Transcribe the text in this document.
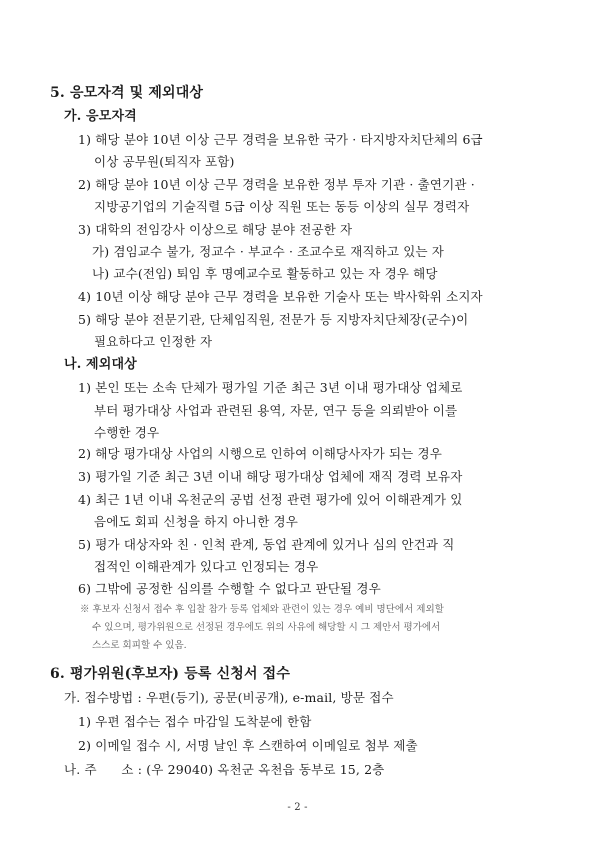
5. 응모자격 및 제외대상
가. 응모자격
1) 해당 분야 10년 이상 근무 경력을 보유한 국가 · 타지방자치단체의 6급
이상 공무원(퇴직자 포함)
2) 해당 분야 10년 이상 근무 경력을 보유한 정부 투자 기관 · 출연기관 ·
지방공기업의 기술직렬 5급 이상 직원 또는 동등 이상의 실무 경력자
3) 대학의 전임강사 이상으로 해당 분야 전공한 자
가) 겸임교수 불가, 정교수 · 부교수 · 조교수로 재직하고 있는 자
나) 교수(전임) 퇴임 후 명예교수로 활동하고 있는 자 경우 해당
4) 10년 이상 해당 분야 근무 경력을 보유한 기술사 또는 박사학위 소지자
5) 해당 분야 전문기관, 단체임직원, 전문가 등 지방자치단체장(군수)이
필요하다고 인정한 자
나. 제외대상
1) 본인 또는 소속 단체가 평가일 기준 최근 3년 이내 평가대상 업체로
부터 평가대상 사업과 관련된 용역, 자문, 연구 등을 의뢰받아 이를
수행한 경우
2) 해당 평가대상 사업의 시행으로 인하여 이해당사자가 되는 경우
3) 평가일 기준 최근 3년 이내 해당 평가대상 업체에 재직 경력 보유자
4) 최근 1년 이내 옥천군의 공법 선정 관련 평가에 있어 이해관계가 있
음에도 회피 신청을 하지 아니한 경우
5) 평가 대상자와 친 · 인척 관계, 동업 관계에 있거나 심의 안건과 직
접적인 이해관계가 있다고 인정되는 경우
6) 그밖에 공정한 심의를 수행할 수 없다고 판단될 경우
※ 후보자 신청서 접수 후 입찰 참가 등록 업체와 관련이 있는 경우 예비 명단에서 제외할
수 있으며, 평가위원으로 선정된 경우에도 위의 사유에 해당할 시 그 제안서 평가에서
스스로 회피할 수 있음.
6. 평가위원(후보자) 등록 신청서 접수
가. 접수방법 : 우편(등기), 공문(비공개), e-mail, 방문 접수
1) 우편 접수는 접수 마감일 도착분에 한함
2) 이메일 접수 시, 서명 날인 후 스캔하여 이메일로 첨부 제출
나. 주      소 : (우 29040) 옥천군 옥천읍 동부로 15, 2층
- 2 -
